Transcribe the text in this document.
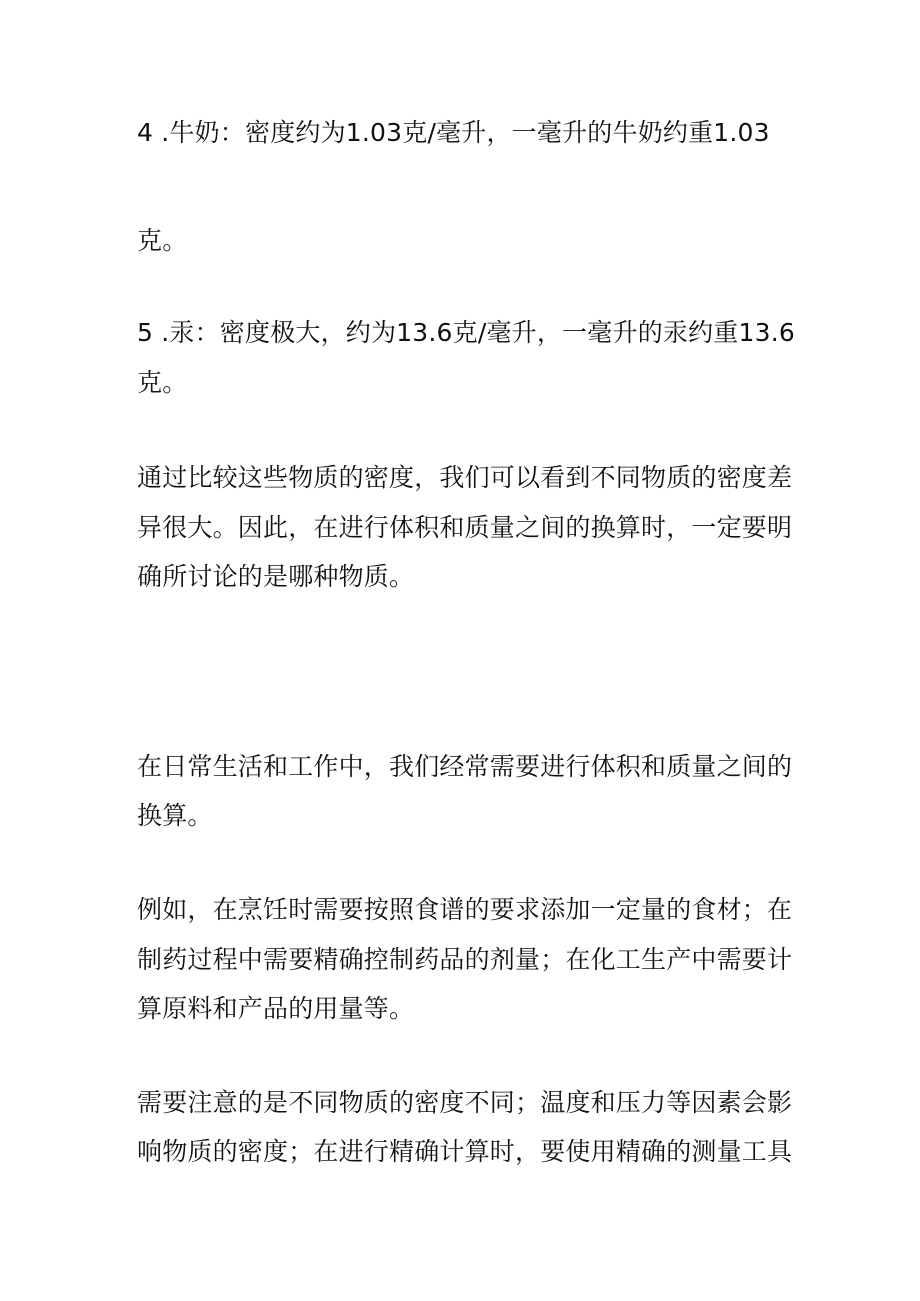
4 .牛奶：密度约为1.03克/毫升，一毫升的牛奶约重1.03
克。
5 .汞：密度极大，约为13.6克/毫升，一毫升的汞约重13.6
克。
通过比较这些物质的密度，我们可以看到不同物质的密度差
异很大。因此，在进行体积和质量之间的换算时，一定要明
确所讨论的是哪种物质。
在日常生活和工作中，我们经常需要进行体积和质量之间的
换算。
例如，在烹饪时需要按照食谱的要求添加一定量的食材；在
制药过程中需要精确控制药品的剂量；在化工生产中需要计
算原料和产品的用量等。
需要注意的是不同物质的密度不同；温度和压力等因素会影
响物质的密度；在进行精确计算时，要使用精确的测量工具
